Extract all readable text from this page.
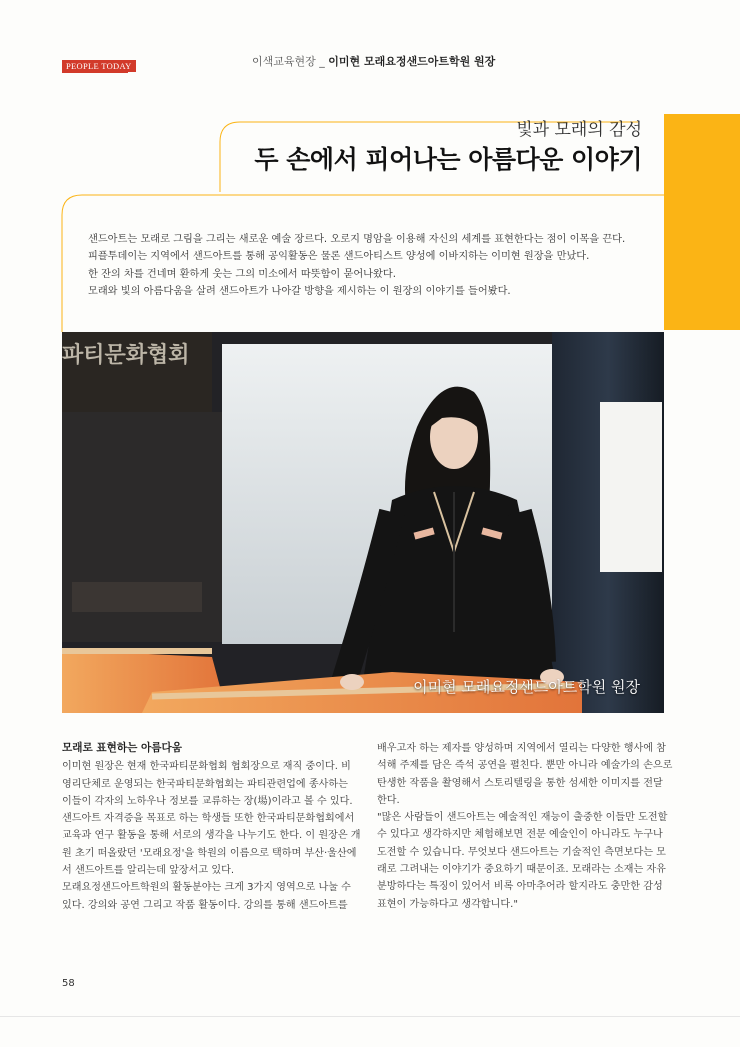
PEOPLE TODAY	이색교육현장 _ 이미현 모래요정샌드아트학원 원장
빛과 모래의 감성
두 손에서 피어나는 아름다운 이야기

샌드아트는 모래로 그림을 그리는 새로운 예술 장르다. 오로지 명암을 이용해 자신의 세계를 표현한다는 점이 이목을 끈다.

피플투데이는 지역에서 샌드아트를 통해 공익활동은 물론 샌드아티스트 양성에 이바지하는 이미현 원장을 만났다.

한 잔의 차를 건네며 환하게 웃는 그의 미소에서 따뜻함이 묻어나왔다.

모래와 빛의 아름다움을 살려 샌드아트가 나아갈 방향을 제시하는 이 원장의 이야기를 들어봤다.

파티문화협회
이미현 모래요정샌드아트학원 원장

모래로 표현하는 아름다움

이미현 원장은 현재 한국파티문화협회 협회장으로 재직 중이다. 비

영리단체로 운영되는 한국파티문화협회는 파티관련업에 종사하는

이들이 각자의 노하우나 정보를 교류하는 장(場)이라고 볼 수 있다.

샌드아트 자격증을 목표로 하는 학생들 또한 한국파티문화협회에서

교육과 연구 활동을 통해 서로의 생각을 나누기도 한다. 이 원장은 개

원 초기 떠올랐던 '모래요정'을 학원의 이름으로 택하며 부산·울산에

서 샌드아트를 알리는데 앞장서고 있다.

모래요정샌드아트학원의 활동분야는 크게 3가지 영역으로 나눌 수

있다. 강의와 공연 그리고 작품 활동이다. 강의를 통해 샌드아트를

배우고자 하는 제자를 양성하며 지역에서 열리는 다양한 행사에 참

석해 주제를 담은 즉석 공연을 펼친다. 뿐만 아니라 예술가의 손으로

탄생한 작품을 촬영해서 스토리텔링을 통한 섬세한 이미지를 전달

한다.

"많은 사람들이 샌드아트는 예술적인 재능이 출중한 이들만 도전할

수 있다고 생각하지만 체험해보면 전문 예술인이 아니라도 누구나

도전할 수 있습니다. 무엇보다 샌드아트는 기술적인 측면보다는 모

래로 그려내는 이야기가 중요하기 때문이죠. 모래라는 소재는 자유

분방하다는 특징이 있어서 비록 아마추어라 할지라도 충만한 감성

표현이 가능하다고 생각합니다."

58
